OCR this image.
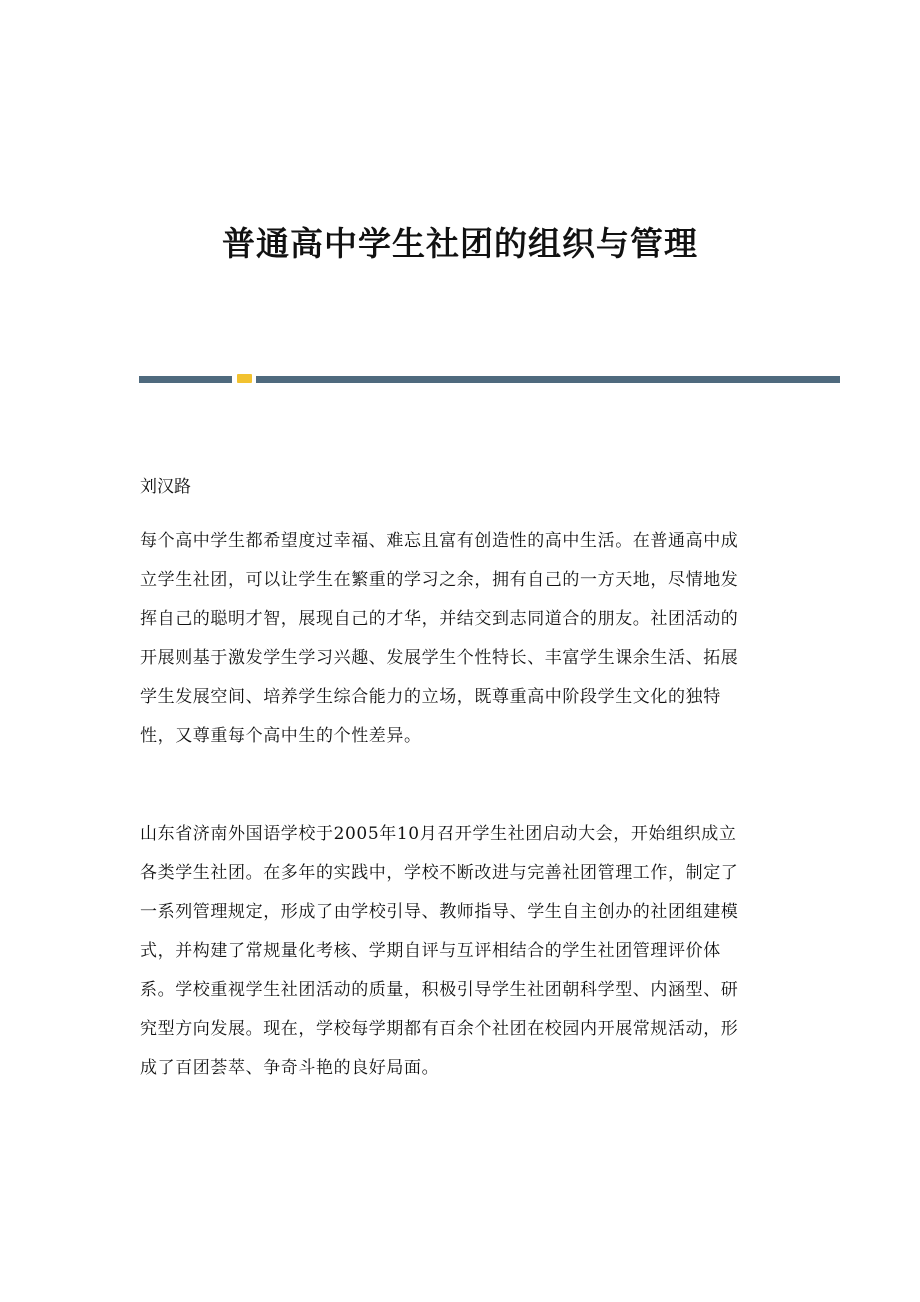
普通高中学生社团的组织与管理
刘汉路
每个高中学生都希望度过幸福、难忘且富有创造性的高中生活。在普通高中成
立学生社团，可以让学生在繁重的学习之余，拥有自己的一方天地，尽情地发
挥自己的聪明才智，展现自己的才华，并结交到志同道合的朋友。社团活动的
开展则基于激发学生学习兴趣、发展学生个性特长、丰富学生课余生活、拓展
学生发展空间、培养学生综合能力的立场，既尊重高中阶段学生文化的独特
性，又尊重每个高中生的个性差异。
山东省济南外国语学校于2005年10月召开学生社团启动大会，开始组织成立
各类学生社团。在多年的实践中，学校不断改进与完善社团管理工作，制定了
一系列管理规定，形成了由学校引导、教师指导、学生自主创办的社团组建模
式，并构建了常规量化考核、学期自评与互评相结合的学生社团管理评价体
系。学校重视学生社团活动的质量，积极引导学生社团朝科学型、内涵型、研
究型方向发展。现在，学校每学期都有百余个社团在校园内开展常规活动，形
成了百团荟萃、争奇斗艳的良好局面。
